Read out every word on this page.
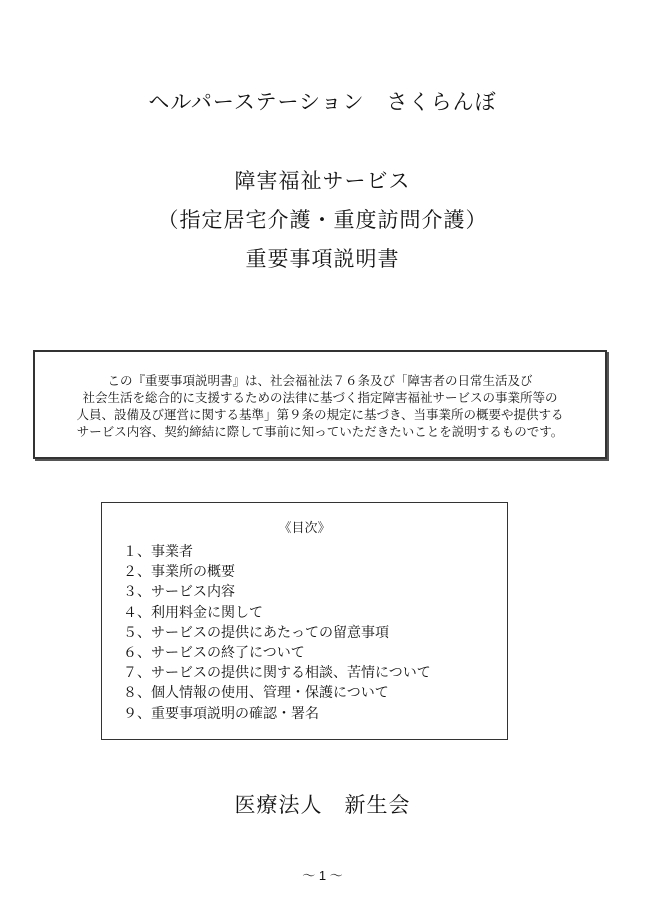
ヘルパーステーション　さくらんぼ
障害福祉サービス
（指定居宅介護・重度訪問介護）
重要事項説明書
この『重要事項説明書』は、社会福祉法７６条及び「障害者の日常生活及び
社会生活を総合的に支援するための法律に基づく指定障害福祉サービスの事業所等の
人員、設備及び運営に関する基準」第９条の規定に基づき、当事業所の概要や提供する
サービス内容、契約締結に際して事前に知っていただきたいことを説明するものです。
《目次》
１、事業者
２、事業所の概要
３、サービス内容
４、利用料金に関して
５、サービスの提供にあたっての留意事項
６、サービスの終了について
７、サービスの提供に関する相談、苦情について
８、個人情報の使用、管理・保護について
９、重要事項説明の確認・署名
医療法人　新生会
～ 1 ～
